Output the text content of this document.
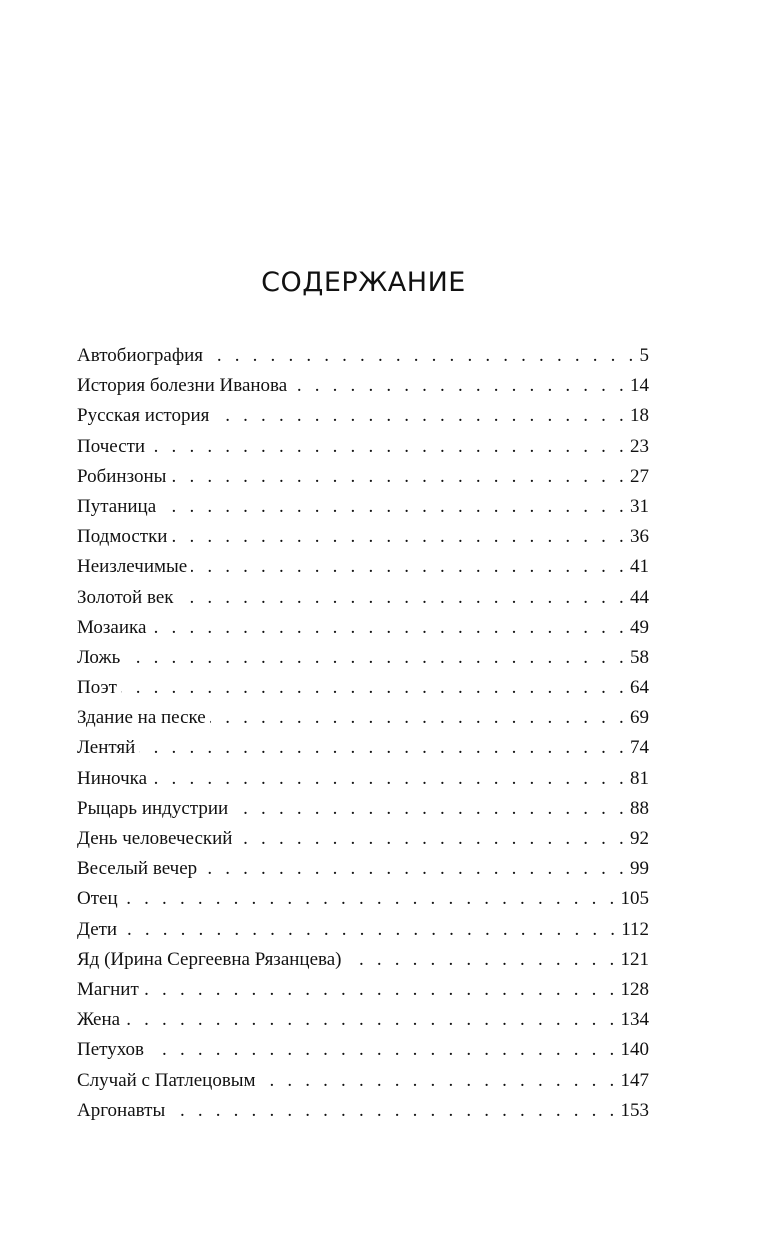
СОДЕРЖАНИЕ
Автобиография . . .	5
История болезни Иванова . . .	14
Русская история . . .	18
Почести . . .	23
Робинзоны . . .	27
Путаница . . .	31
Подмостки . . .	36
Неизлечимые . . .	41
Золотой век . . .	44
Мозаика . . .	49
Ложь . . .	58
Поэт . . .	64
Здание на песке . . .	69
Лентяй . . .	74
Ниночка . . .	81
Рыцарь индустрии . . .	88
День человеческий . . .	92
Веселый вечер . . .	99
Отец . . .	105
Дети . . .	112
Яд (Ирина Сергеевна Рязанцева) . . .	121
Магнит . . .	128
Жена . . .	134
Петухов . . .	140
Случай с Патлецовым . . .	147
Аргонавты . . .	153
